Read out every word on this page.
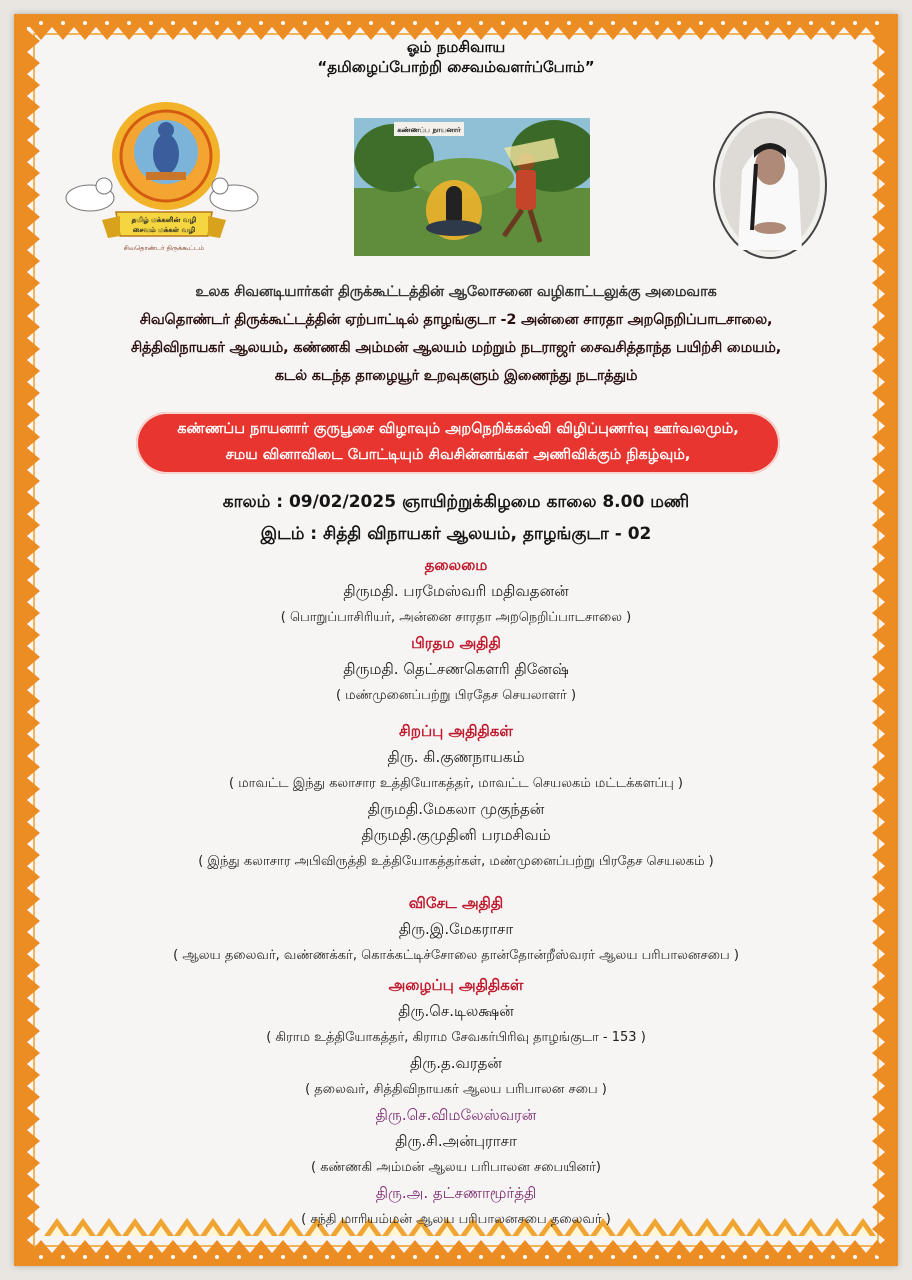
ஓம் நமசிவாய
“தமிழைப்போற்றி சைவம்வளர்ப்போம்”
தமிழ் மக்களின் வழி
சைவம் மக்கள் வழி
சிவதொண்டர் திருக்கூட்டம்
கண்ணப்ப நாயனார்
உலக சிவனடியார்கள் திருக்கூட்டத்தின் ஆலோசனை வழிகாட்டலுக்கு அமைவாக
சிவதொண்டர் திருக்கூட்டத்தின் ஏற்பாட்டில் தாழங்குடா -2 அன்னை சாரதா அறநெறிப்பாடசாலை,
சித்திவிநாயகர் ஆலயம், கண்ணகி அம்மன் ஆலயம் மற்றும் நடராஜர் சைவசித்தாந்த பயிற்சி மையம்,
கடல் கடந்த தாழையூர் உறவுகளும் இணைந்து நடாத்தும்
கண்ணப்ப நாயனார் குருபூசை விழாவும் அறநெறிக்கல்வி விழிப்புணர்வு ஊர்வலமும்,
சமய வினாவிடை போட்டியும் சிவசின்னங்கள் அணிவிக்கும் நிகழ்வும்,
காலம் : 09/02/2025 ஞாயிற்றுக்கிழமை காலை 8.00 மணி
இடம் : சித்தி விநாயகர் ஆலயம், தாழங்குடா - 02
தலைமை
திருமதி. பரமேஸ்வரி மதிவதனன்
( பொறுப்பாசிரியர், அன்னை சாரதா அறநெறிப்பாடசாலை )
பிரதம அதிதி
திருமதி. தெட்சணகௌரி தினேஷ்
( மண்முனைப்பற்று பிரதேச செயலாளர் )
சிறப்பு அதிதிகள்
திரு. கி.குணநாயகம்
( மாவட்ட இந்து கலாசார உத்தியோகத்தர், மாவட்ட செயலகம் மட்டக்களப்பு )
திருமதி.மேகலா முகுந்தன்
திருமதி.குமுதினி பரமசிவம்
( இந்து கலாசார அபிவிருத்தி உத்தியோகத்தர்கள், மண்முனைப்பற்று பிரதேச செயலகம் )
விசேட அதிதி
திரு.இ.மேகராசா
( ஆலய தலைவர், வண்ணக்கர், கொக்கட்டிச்சோலை தான்தோன்றீஸ்வரர் ஆலய பரிபாலனசபை )
அழைப்பு அதிதிகள்
திரு.செ.டிலக்ஷன்
( கிராம உத்தியோகத்தர், கிராம சேவகர்பிரிவு தாழங்குடா - 153 )
திரு.த.வரதன்
( தலைவர், சித்திவிநாயகர் ஆலய பரிபாலன சபை )
திரு.செ.விமலேஸ்வரன்
திரு.சி.அன்புராசா
( கண்ணகி அம்மன் ஆலய பரிபாலன சபையினர்)
திரு.அ. தட்சணாமூர்த்தி
( சந்தி மாரியம்மன் ஆலய பரிபாலனசபை தலைவர் )
